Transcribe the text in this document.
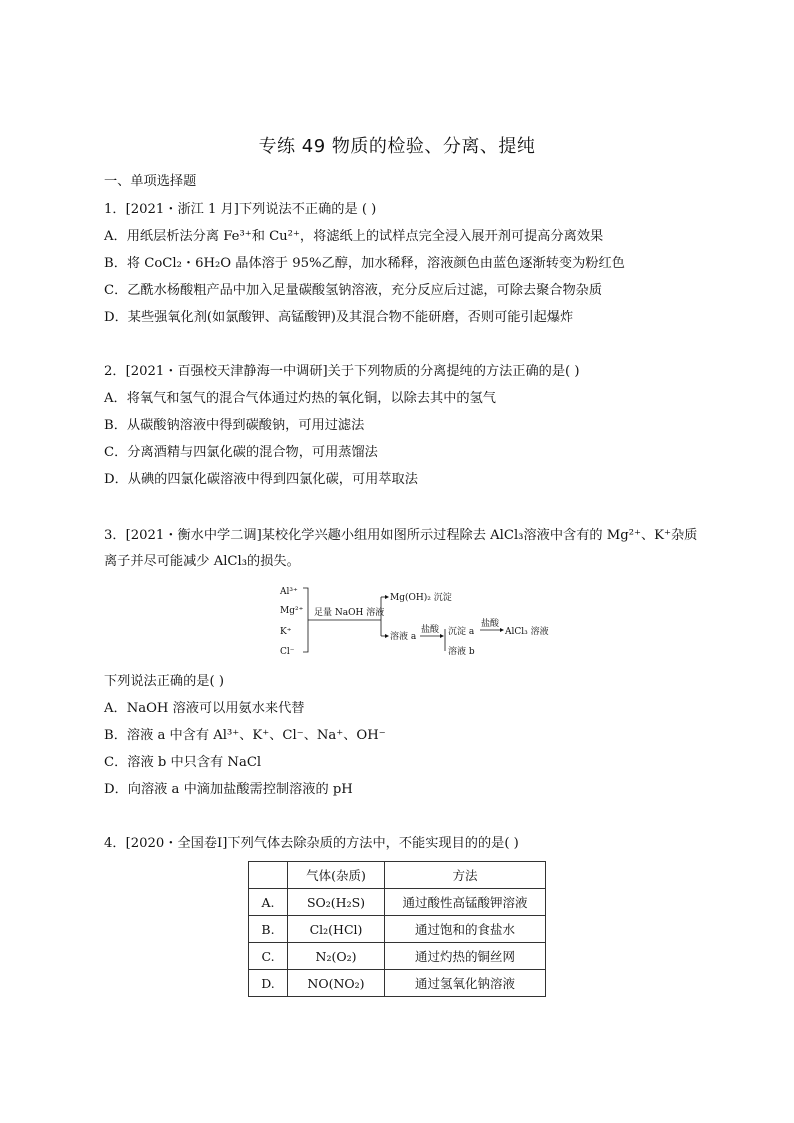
专练 49 物质的检验、分离、提纯
一、单项选择题
1．[2021・浙江 1 月]下列说法不正确的是 ( )
A．用纸层析法分离 Fe³⁺和 Cu²⁺，将滤纸上的试样点完全浸入展开剂可提高分离效果
B．将 CoCl₂・6H₂O 晶体溶于 95%乙醇，加水稀释，溶液颜色由蓝色逐渐转变为粉红色
C．乙酰水杨酸粗产品中加入足量碳酸氢钠溶液，充分反应后过滤，可除去聚合物杂质
D．某些强氧化剂(如氯酸钾、高锰酸钾)及其混合物不能研磨，否则可能引起爆炸
2．[2021・百强校天津静海一中调研]关于下列物质的分离提纯的方法正确的是( )
A．将氧气和氢气的混合气体通过灼热的氧化铜，以除去其中的氢气
B．从碳酸钠溶液中得到碳酸钠，可用过滤法
C．分离酒精与四氯化碳的混合物，可用蒸馏法
D．从碘的四氯化碳溶液中得到四氯化碳，可用萃取法
3．[2021・衡水中学二调]某校化学兴趣小组用如图所示过程除去 AlCl₃溶液中含有的 Mg²⁺、K⁺杂质
离子并尽可能减少 AlCl₃的损失。
Al³⁺
Mg²⁺
K⁺
Cl⁻
足量 NaOH 溶液
Mg(OH)₂ 沉淀
溶液 a
盐酸 沉淀 a
溶液 b
盐酸
AlCl₃ 溶液
下列说法正确的是( )
A．NaOH 溶液可以用氨水来代替
B．溶液 a 中含有 Al³⁺、K⁺、Cl⁻、Na⁺、OH⁻
C．溶液 b 中只含有 NaCl
D．向溶液 a 中滴加盐酸需控制溶液的 pH
4．[2020・全国卷Ⅰ]下列气体去除杂质的方法中，不能实现目的的是( )
	气体(杂质)	方法
A.	SO₂(H₂S)	通过酸性高锰酸钾溶液
B.	Cl₂(HCl)	通过饱和的食盐水
C.	N₂(O₂)	通过灼热的铜丝网
D.	NO(NO₂)	通过氢氧化钠溶液
